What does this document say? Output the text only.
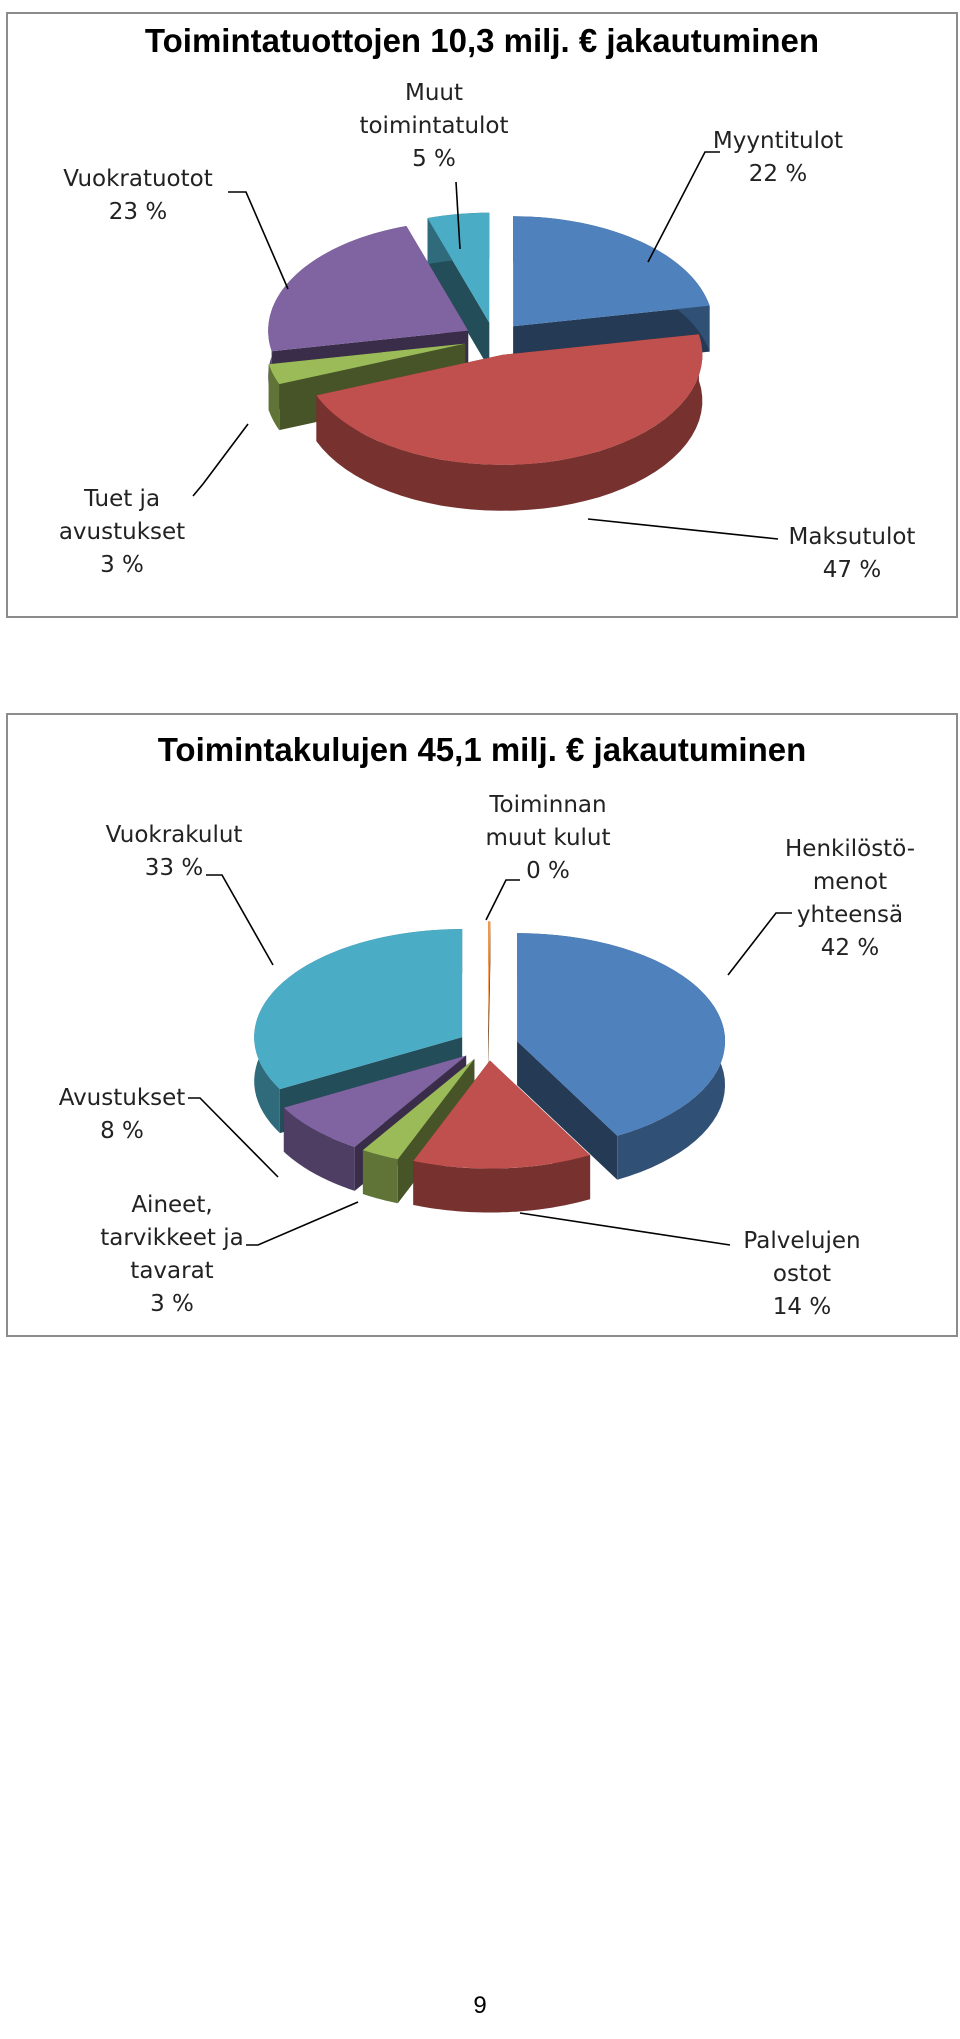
Toimintatuottojen 10,3 milj. € jakautuminen
Myyntitulot 22 %
Maksutulot 47 %
Tuet ja avustukset 3 %
Vuokratuotot 23 %
Muut toimintatulot 5 %
Toimintakulujen 45,1 milj. € jakautuminen
Henkilöstö-menot yhteensä 42 %
Palvelujen ostot 14 %
Aineet, tarvikkeet ja tavarat 3 %
Avustukset 8 %
Vuokrakulut 33 %
Toiminnan muut kulut 0 %
9
